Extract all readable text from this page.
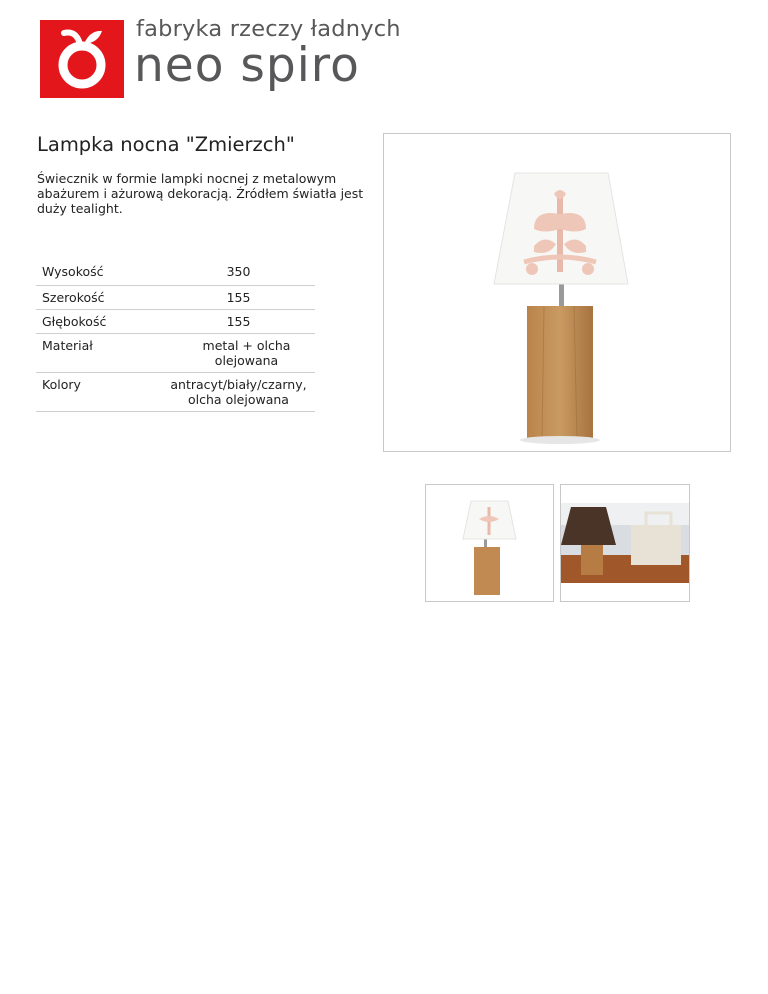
fabryka rzeczy ładnych
neo spiro
Lampka nocna "Zmierzch"

Świecznik w formie lampki nocnej z metalowym abażurem i ażurową dekoracją. Źródłem światła jest duży tealight.

Wysokość	350
Szerokość	155
Głębokość	155
Materiał	metal + olcha olejowana
Kolory	antracyt/biały/czarny, olcha olejowana
